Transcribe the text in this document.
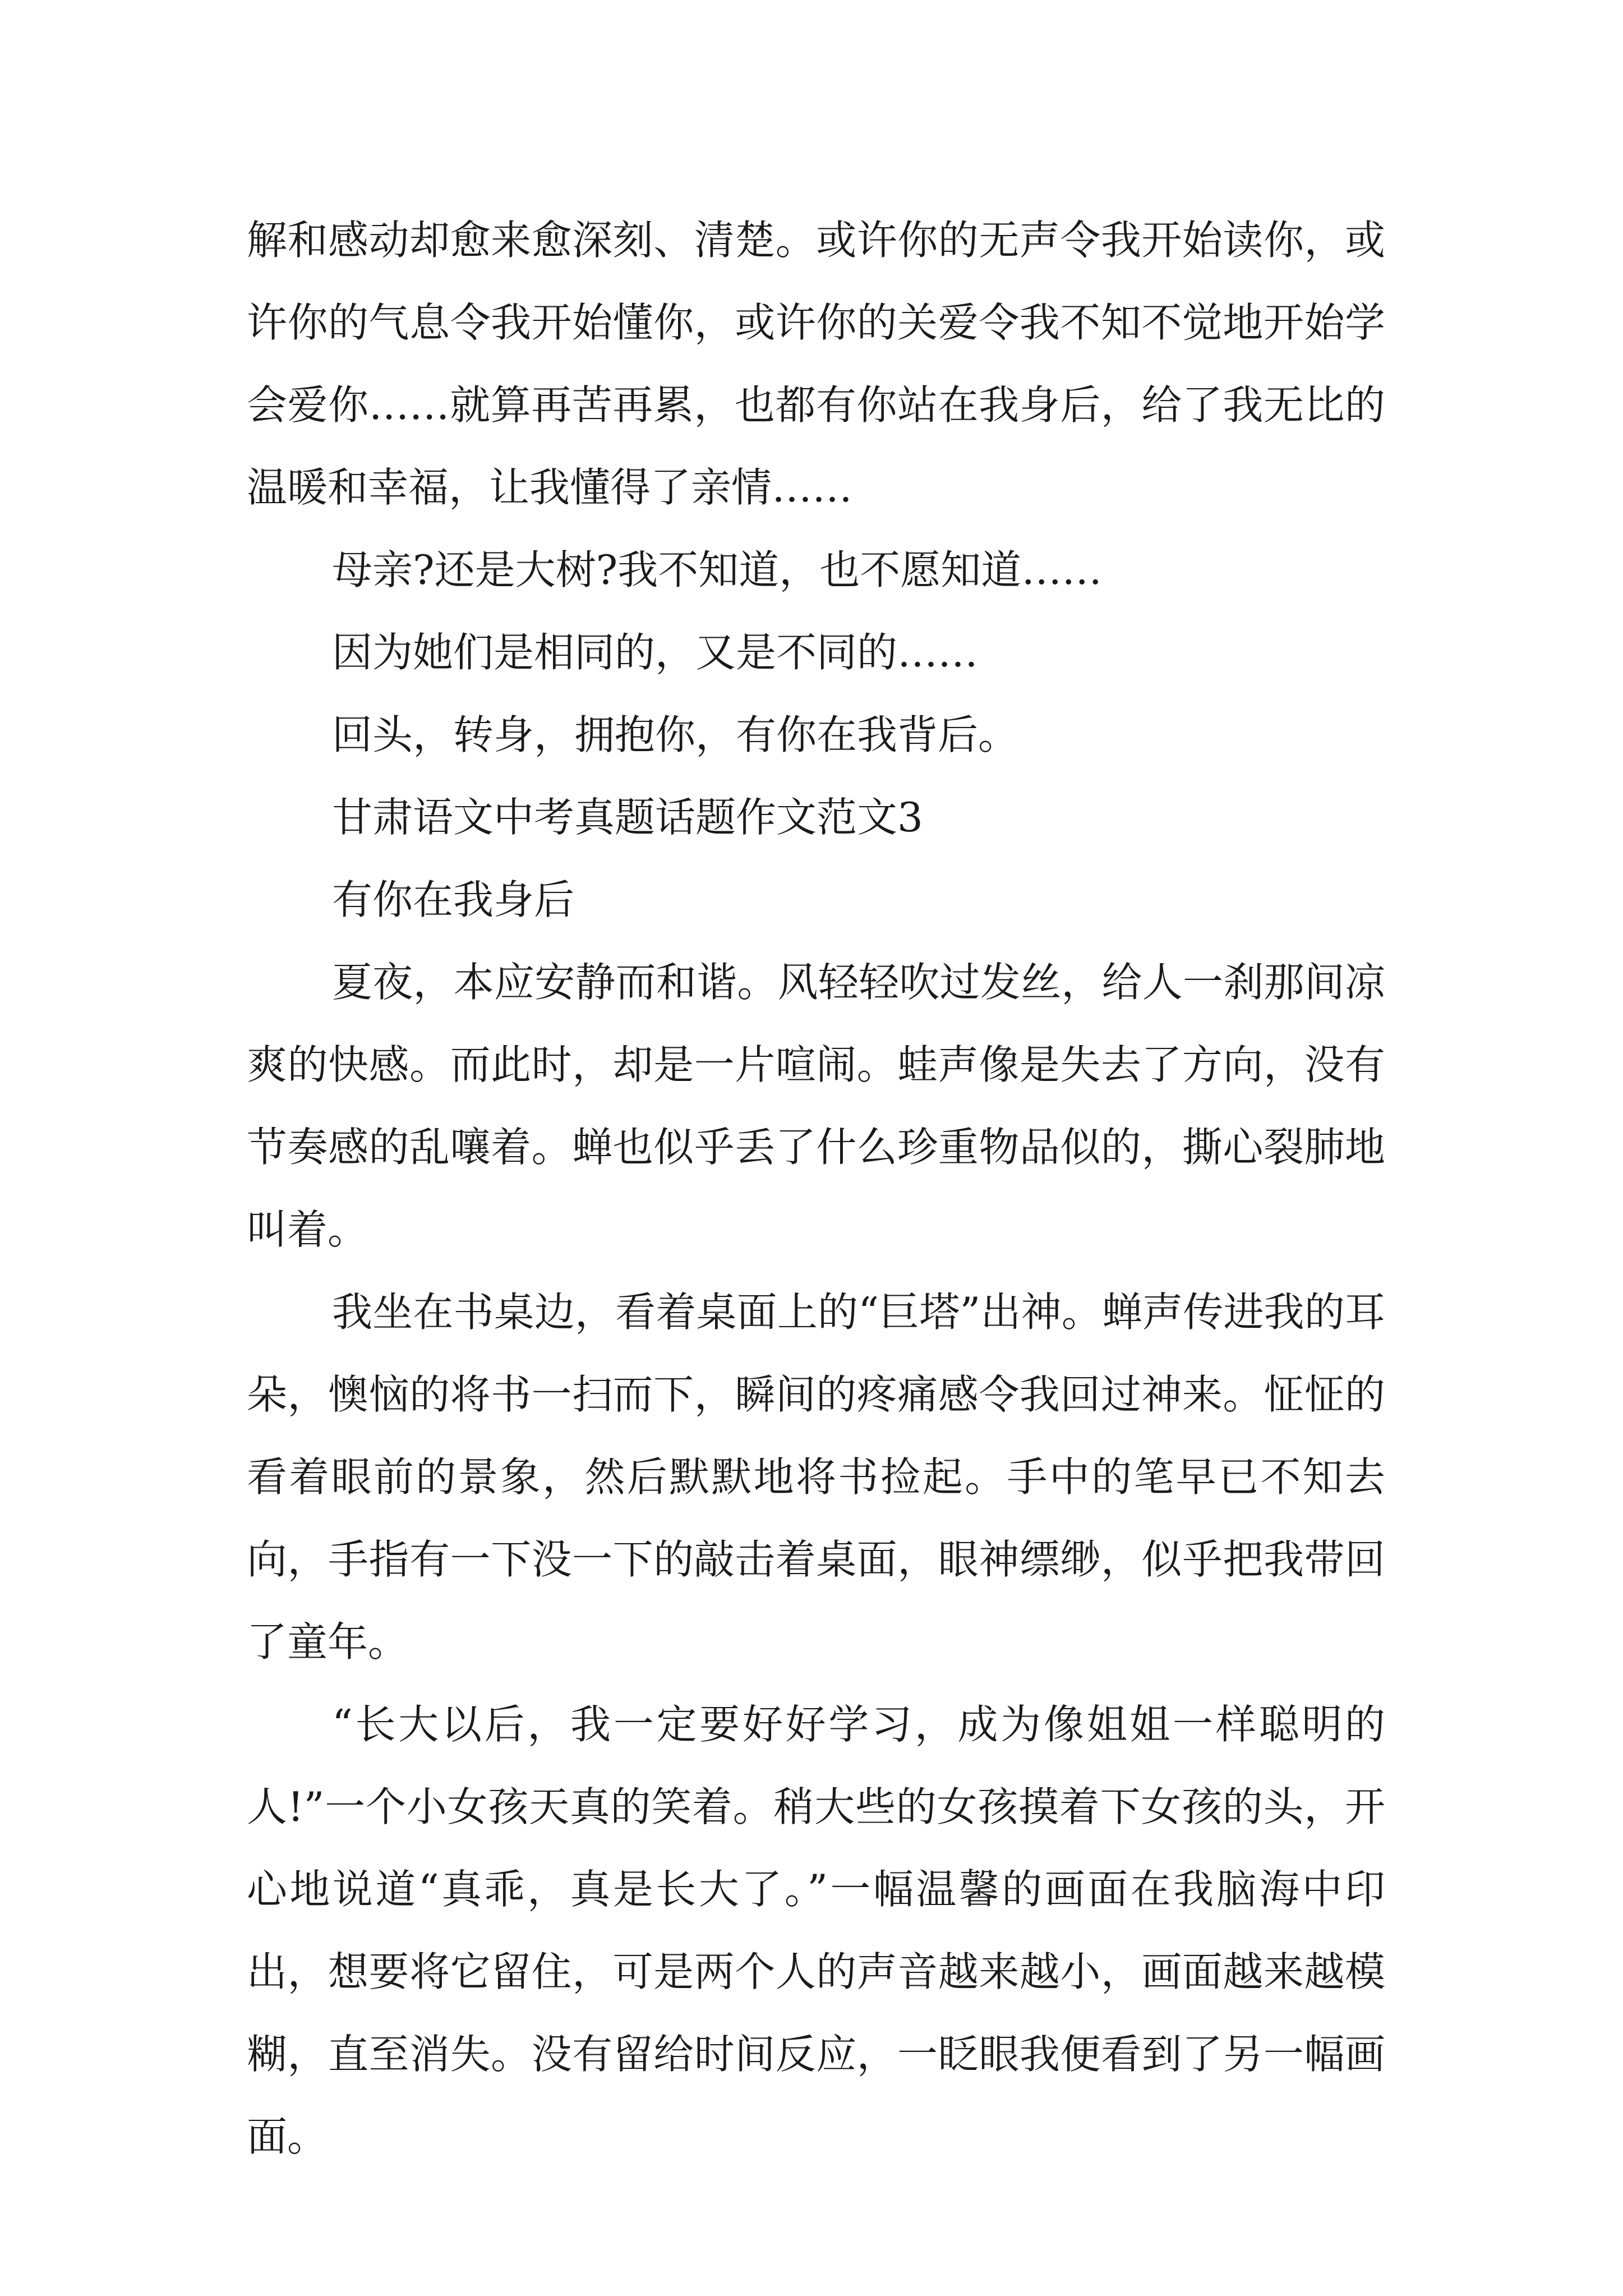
解和感动却愈来愈深刻、清楚。或许你的无声令我开始读你，或许你的气息令我开始懂你，或许你的关爱令我不知不觉地开始学会爱你……就算再苦再累，也都有你站在我身后，给了我无比的温暖和幸福，让我懂得了亲情……

母亲?还是大树?我不知道，也不愿知道……

因为她们是相同的，又是不同的……

回头，转身，拥抱你，有你在我背后。

甘肃语文中考真题话题作文范文3

有你在我身后

夏夜，本应安静而和谐。风轻轻吹过发丝，给人一刹那间凉爽的快感。而此时，却是一片喧闹。蛙声像是失去了方向，没有节奏感的乱嚷着。蝉也似乎丢了什么珍重物品似的，撕心裂肺地叫着。

我坐在书桌边，看着桌面上的“巨塔”出神。蝉声传进我的耳朵，懊恼的将书一扫而下，瞬间的疼痛感令我回过神来。怔怔的看着眼前的景象，然后默默地将书捡起。手中的笔早已不知去向，手指有一下没一下的敲击着桌面，眼神缥缈，似乎把我带回了童年。

“长大以后，我一定要好好学习，成为像姐姐一样聪明的人!”一个小女孩天真的笑着。稍大些的女孩摸着下女孩的头，开心地说道“真乖，真是长大了。”一幅温馨的画面在我脑海中印出，想要将它留住，可是两个人的声音越来越小，画面越来越模糊，直至消失。没有留给时间反应，一眨眼我便看到了另一幅画面。
